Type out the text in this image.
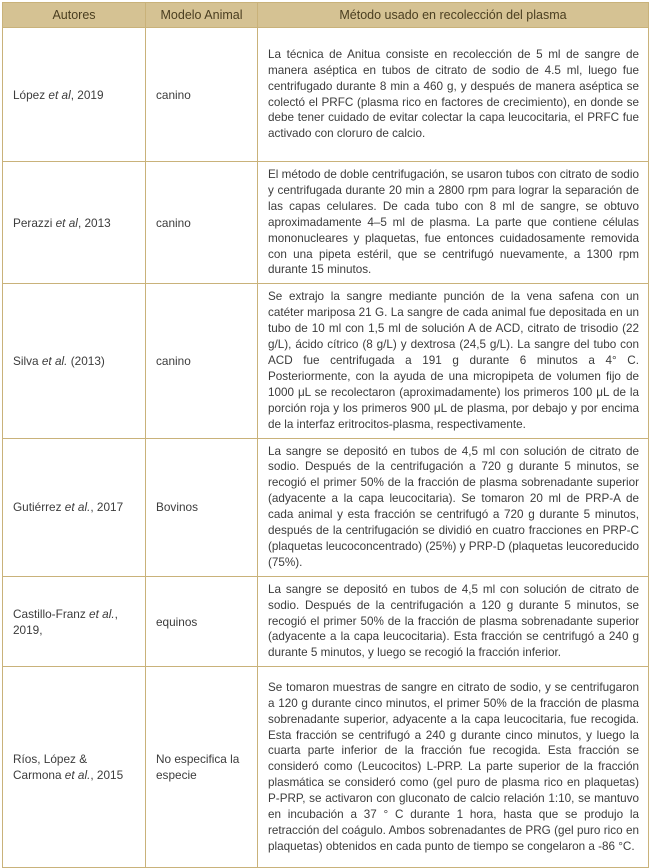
Autores	Modelo Animal	Método usado en recolección del plasma
López et al, 2019	canino	La técnica de Anitua consiste en recolección de 5 ml de sangre de manera aséptica en tubos de citrato de sodio de 4.5 ml, luego fue centrifugado durante 8 min a 460 g, y después de manera aséptica se colectó el PRFC (plasma rico en factores de crecimiento), en donde se debe tener cuidado de evitar colectar la capa leucocitaria, el PRFC fue activado con cloruro de calcio.
Perazzi et al, 2013	canino	El método de doble centrifugación, se usaron tubos con citrato de sodio y centrifugada durante 20 min a 2800 rpm para lograr la separación de las capas celulares. De cada tubo con 8 ml de sangre, se obtuvo aproximadamente 4–5 ml de plasma. La parte que contiene células mononucleares y plaquetas, fue entonces cuidadosamente removida con una pipeta estéril, que se centrifugó nuevamente, a 1300 rpm durante 15 minutos.
Silva et al. (2013)	canino	Se extrajo la sangre mediante punción de la vena safena con un catéter mariposa 21 G. La sangre de cada animal fue depositada en un tubo de 10 ml con 1,5 ml de solución A de ACD, citrato de trisodio (22 g/L), ácido cítrico (8 g/L) y dextrosa (24,5 g/L). La sangre del tubo con ACD fue centrifugada a 191 g durante 6 minutos a 4° C. Posteriormente, con la ayuda de una micropipeta de volumen fijo de 1000 μL se recolectaron (aproximadamente) los primeros 100 μL de la porción roja y los primeros 900 μL de plasma, por debajo y por encima de la interfaz eritrocitos-plasma, respectivamente.
Gutiérrez et al., 2017	Bovinos	La sangre se depositó en tubos de 4,5 ml con solución de citrato de sodio. Después de la centrifugación a 720 g durante 5 minutos, se recogió el primer 50% de la fracción de plasma sobrenadante superior (adyacente a la capa leucocitaria). Se tomaron 20 ml de PRP-A de cada animal y esta fracción se centrifugó a 720 g durante 5 minutos, después de la centrifugación se dividió en cuatro fracciones en PRP-C (plaquetas leucoconcentrado) (25%) y PRP-D (plaquetas leucoreducido (75%).
Castillo-Franz et al., 2019,	equinos	La sangre se depositó en tubos de 4,5 ml con solución de citrato de sodio. Después de la centrifugación a 120 g durante 5 minutos, se recogió el primer 50% de la fracción de plasma sobrenadante superior (adyacente a la capa leucocitaria). Esta fracción se centrifugó a 240 g durante 5 minutos, y luego se recogió la fracción inferior.
Ríos, López & Carmona et al., 2015	No especifica la especie	Se tomaron muestras de sangre en citrato de sodio, y se centrifugaron a 120 g durante cinco minutos, el primer 50% de la fracción de plasma sobrenadante superior, adyacente a la capa leucocitaria, fue recogida. Esta fracción se centrifugó a 240 g durante cinco minutos, y luego la cuarta parte inferior de la fracción fue recogida. Esta fracción se consideró como (Leucocitos) L-PRP. La parte superior de la fracción plasmática se consideró como (gel puro de plasma rico en plaquetas) P-PRP, se activaron con gluconato de calcio relación 1:10, se mantuvo en incubación a 37 ° C durante 1 hora, hasta que se produjo la retracción del coágulo. Ambos sobrenadantes de PRG (gel puro rico en plaquetas) obtenidos en cada punto de tiempo se congelaron a -86 °C.
